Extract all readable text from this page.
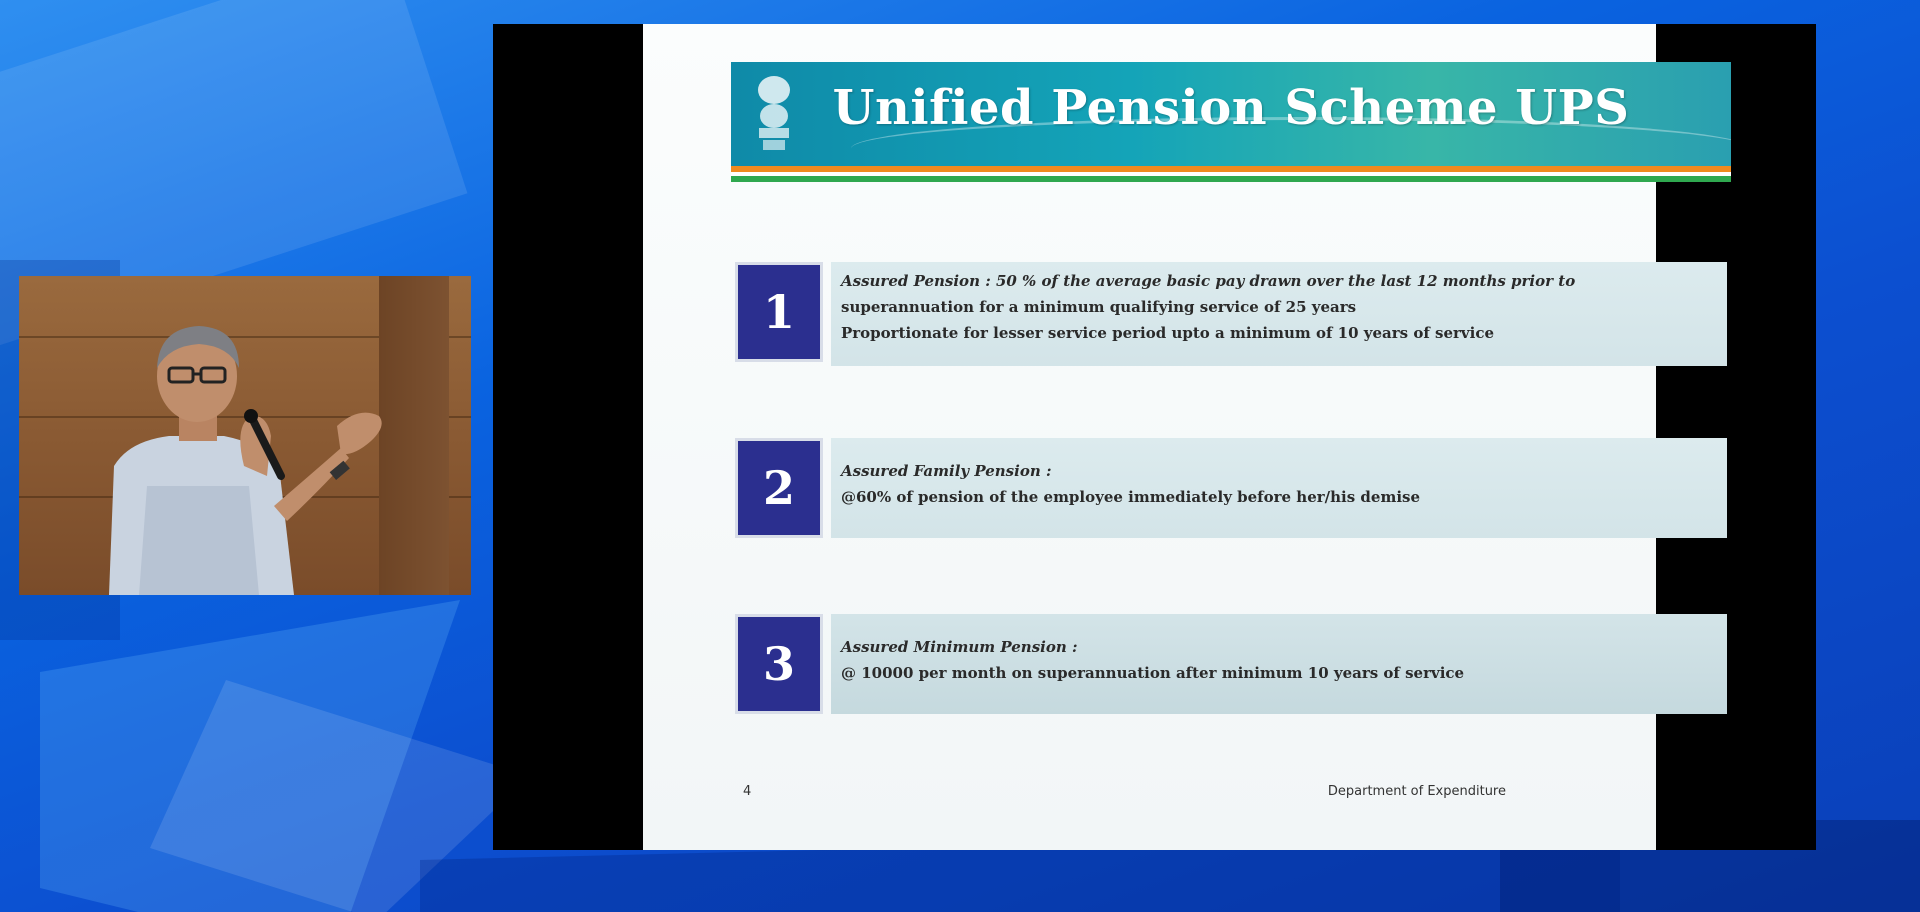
Unified Pension Scheme UPS
1
Assured Pension : 50 % of the average basic pay drawn over the last 12 months prior to
superannuation for a minimum qualifying service of 25 years
Proportionate for lesser service period upto a minimum of 10 years of service
2	Assured Family Pension :
@60% of pension of the employee immediately before her/his demise
3	Assured Minimum Pension :
@ 10000 per month on superannuation after minimum 10 years of service
4	Department of Expenditure
